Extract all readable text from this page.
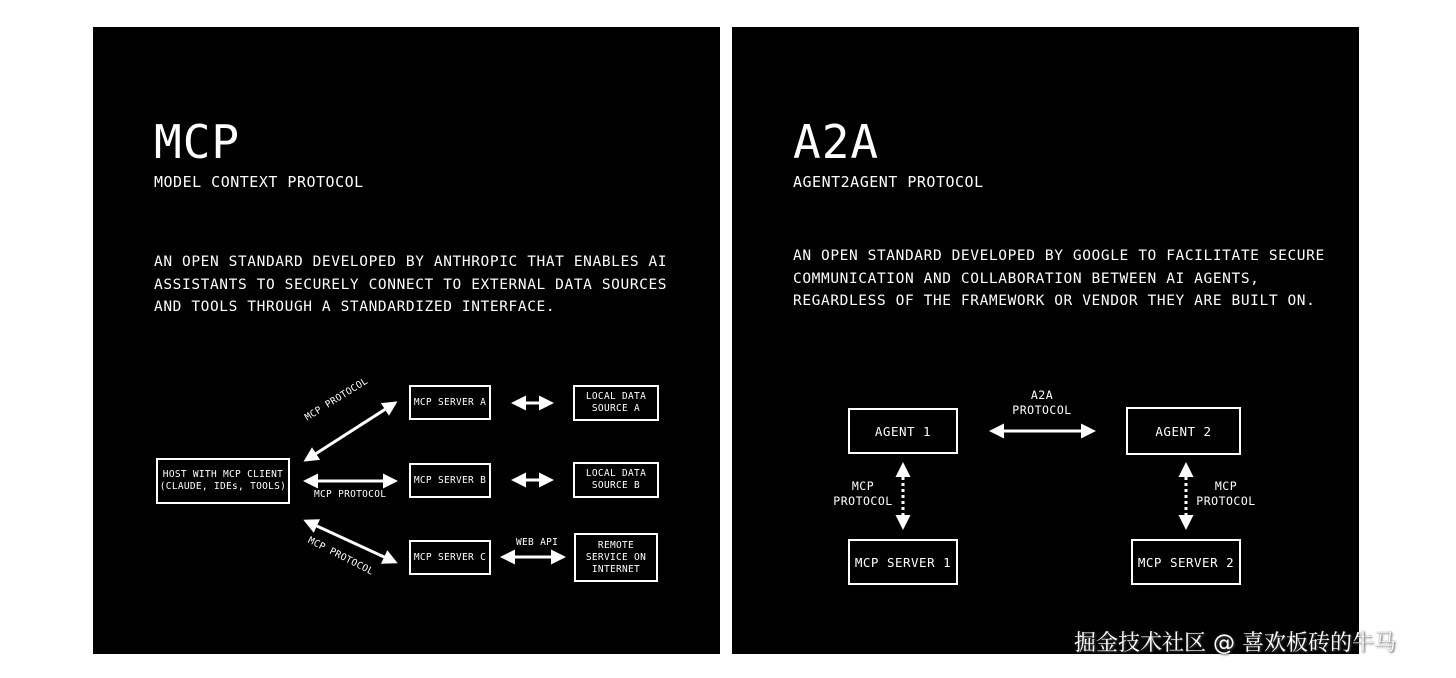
MCP

MODEL CONTEXT PROTOCOL

AN OPEN STANDARD DEVELOPED BY ANTHROPIC THAT ENABLES AI ASSISTANTS TO SECURELY CONNECT TO EXTERNAL DATA SOURCES AND TOOLS THROUGH A STANDARDIZED INTERFACE.

HOST WITH MCP CLIENT
(CLAUDE, IDEs, TOOLS)
MCP SERVER A
MCP SERVER B
MCP SERVER C
LOCAL DATA
SOURCE A
LOCAL DATA
SOURCE B
REMOTE
SERVICE ON
INTERNET
MCP PROTOCOL
MCP PROTOCOL
MCP PROTOCOL	WEB API
A2A

AGENT2AGENT PROTOCOL

AN OPEN STANDARD DEVELOPED BY GOOGLE TO FACILITATE SECURE COMMUNICATION AND COLLABORATION BETWEEN AI AGENTS, REGARDLESS OF THE FRAMEWORK OR VENDOR THEY ARE BUILT ON.

AGENT 1	AGENT 2
MCP SERVER 1	MCP SERVER 2
A2A
PROTOCOL
MCP
PROTOCOL
MCP
PROTOCOL
掘金技术社区 @ 喜欢板砖的牛马
